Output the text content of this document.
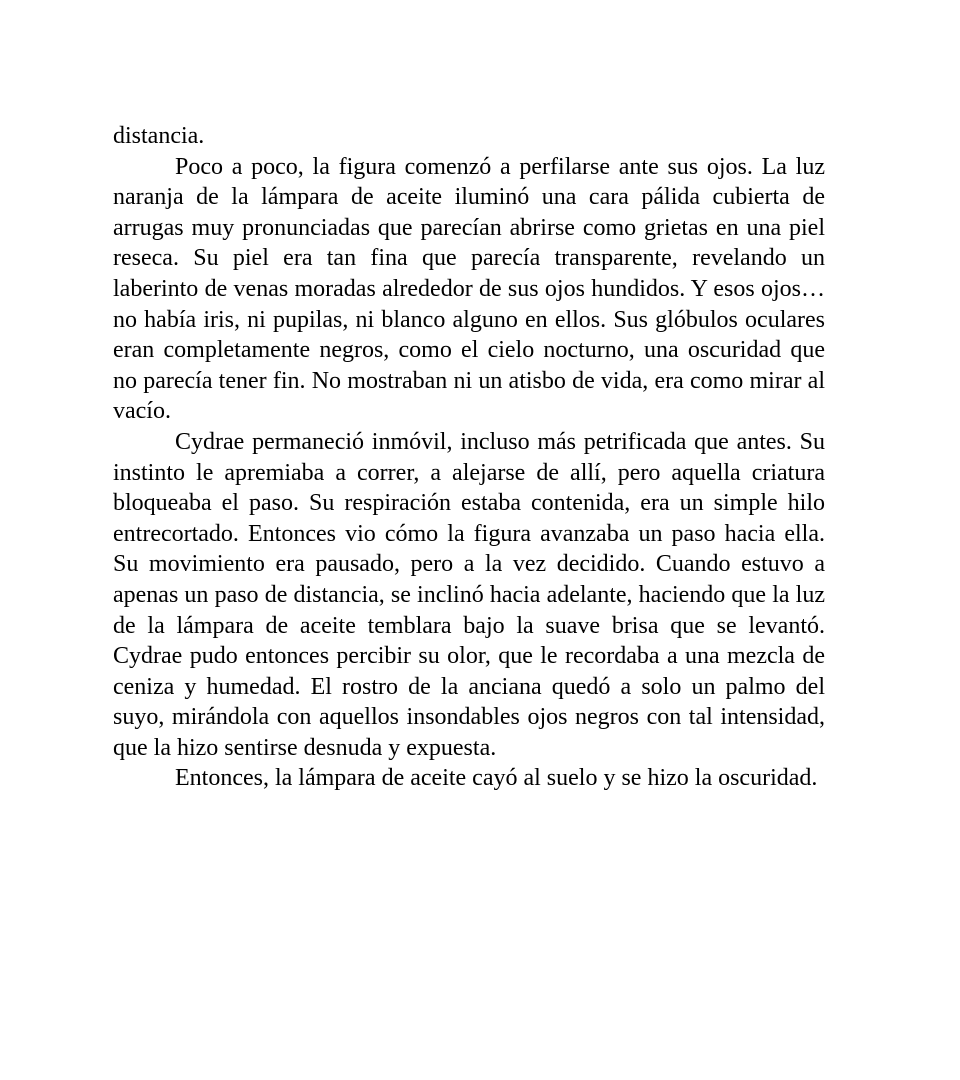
distancia.

Poco a poco, la figura comenzó a perfilarse ante sus ojos. La luz naranja de la lámpara de aceite iluminó una cara pálida cubierta de arrugas muy pronunciadas que parecían abrirse como grietas en una piel reseca. Su piel era tan fina que parecía transparente, revelando un laberinto de venas moradas alrededor de sus ojos hundidos. Y esos ojos… no había iris, ni pupilas, ni blanco alguno en ellos. Sus glóbulos oculares eran completamente negros, como el cielo nocturno, una oscuridad que no parecía tener fin. No mostraban ni un atisbo de vida, era como mirar al vacío.

Cydrae permaneció inmóvil, incluso más petrificada que antes. Su instinto le apremiaba a correr, a alejarse de allí, pero aquella criatura bloqueaba el paso. Su respiración estaba contenida, era un simple hilo entrecortado. Entonces vio cómo la figura avanzaba un paso hacia ella. Su movimiento era pausado, pero a la vez decidido. Cuando estuvo a apenas un paso de distancia, se inclinó hacia adelante, haciendo que la luz de la lámpara de aceite temblara bajo la suave brisa que se levantó. Cydrae pudo entonces percibir su olor, que le recordaba a una mezcla de ceniza y humedad. El rostro de la anciana quedó a solo un palmo del suyo, mirándola con aquellos insondables ojos negros con tal intensidad, que la hizo sentirse desnuda y expuesta.

Entonces, la lámpara de aceite cayó al suelo y se hizo la oscuridad.
